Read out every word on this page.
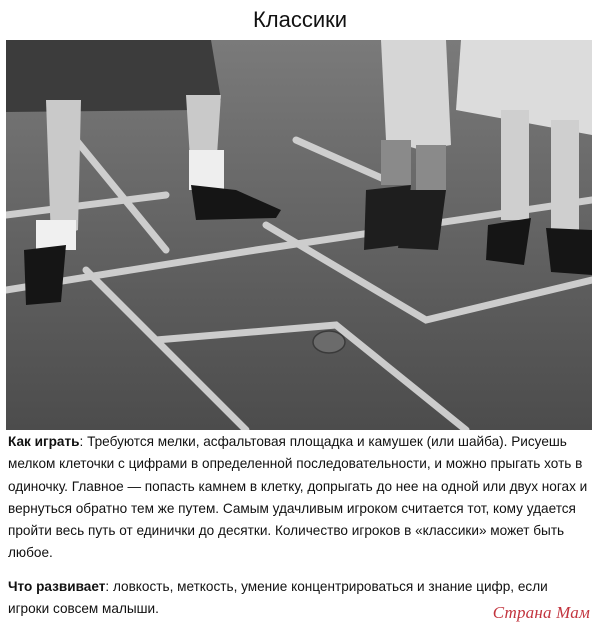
Классики

Как играть: Требуются мелки, асфальтовая площадка и камушек (или шайба). Рисуешь мелком клеточки с цифрами в определенной последовательности, и можно прыгать хоть в одиночку. Главное — попасть камнем в клетку, допрыгать до нее на одной или двух ногах и вернуться обратно тем же путем. Самым удачливым игроком считается тот, кому удается пройти весь путь от единички до десятки. Количество игроков в «классики» может быть любое.

Что развивает: ловкость, меткость, умение концентрироваться и знание цифр, если игроки совсем малыши.	Страна Мам
